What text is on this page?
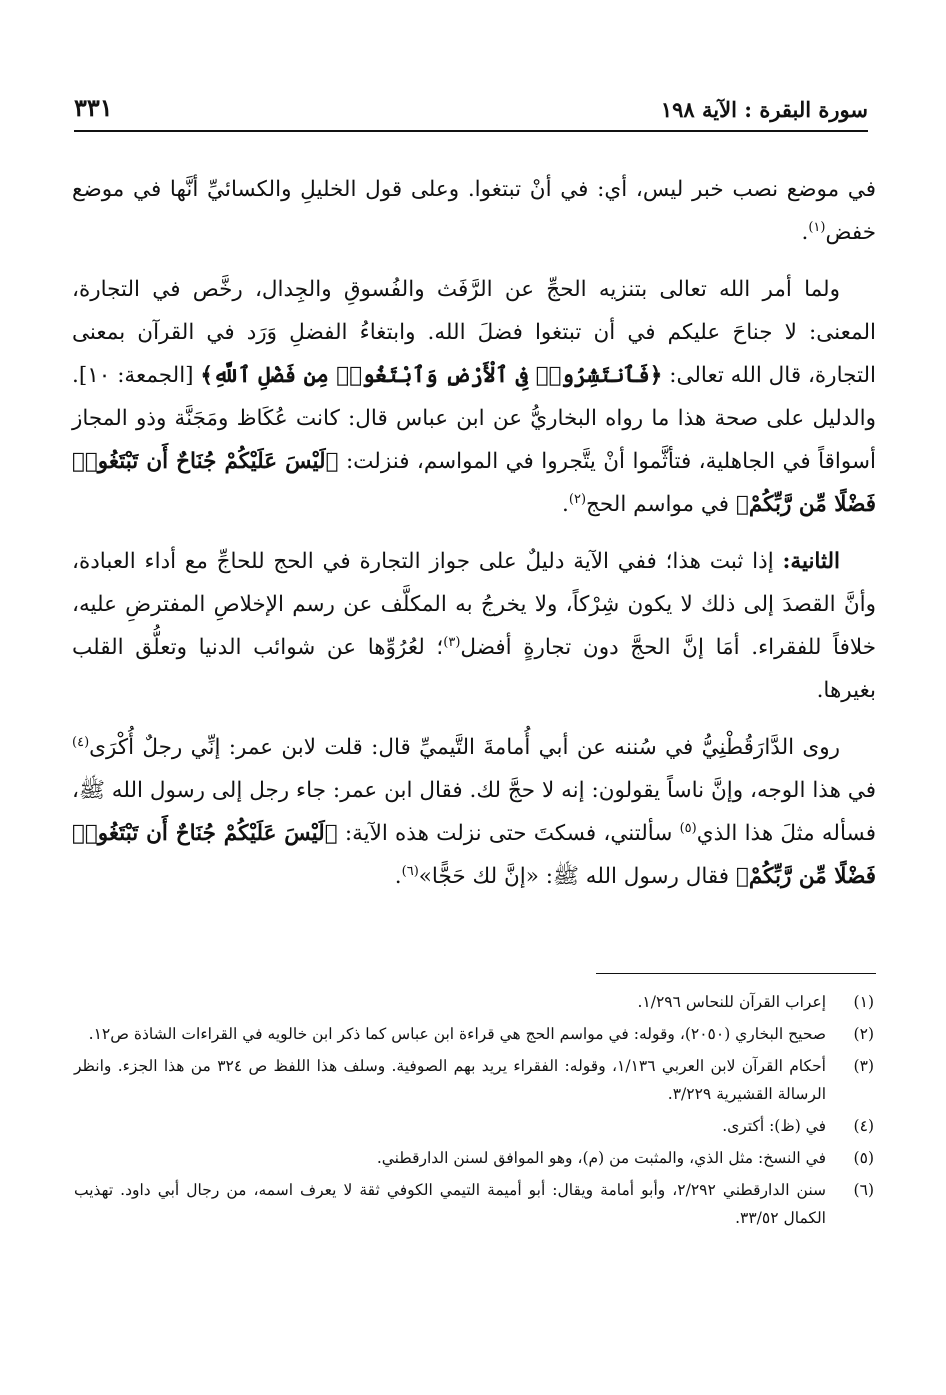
سورة البقرة : الآية ١٩٨
٣٣١

في موضع نصب خبر ليس، أي: في أنْ تبتغوا. وعلى قول الخليلِ والكسائيِّ أنَّها في موضع خفض$^{(١)}$.

ولما أمر الله تعالى بتنزيه الحجِّ عن الرَّفَث والفُسوقِ والجِدال، رخَّص في التجارة، المعنى: لا جناحَ عليكم في أن تبتغوا فضلَ الله. وابتغاءُ الفضلِ وَرَد في القرآن بمعنى التجارة، قال الله تعالى: ﴿فَٱنتَشِرُوا۟ فِى ٱلْأَرْضِ وَٱبْتَغُوا۟ مِن فَضْلِ ٱللَّهِ﴾ [الجمعة: ١٠]. والدليل على صحة هذا ما رواه البخاريُّ عن ابن عباس قال: كانت عُكَاظ ومَجَنَّة وذو المجاز أسواقاً في الجاهلية، فتأثَّموا أنْ يتَّجروا في المواسم، فنزلت: ﴿لَيْسَ عَلَيْكُمْ جُنَاحٌ أَن تَبْتَغُوا۟ فَضْلًا مِّن رَّبِّكُمْ﴾ في مواسم الحج$^{(٢)}$.

الثانية: إذا ثبت هذا؛ ففي الآية دليلٌ على جواز التجارة في الحج للحاجِّ مع أداء العبادة، وأنَّ القصدَ إلى ذلك لا يكون شِرْكاً، ولا يخرجُ به المكلَّف عن رسم الإخلاصِ المفترضِ عليه، خلافاً للفقراء. أمَا إنَّ الحجَّ دون تجارةٍ أفضل$^{(٣)}$؛ لعُرُوِّها عن شوائب الدنيا وتعلُّق القلب بغيرها.

روى الدَّارَقُطْنِيُّ في سُننه عن أبي أُمامةَ التَّيميِّ قال: قلت لابن عمر: إنِّي رجلٌ أُكْرَى$^{(٤)}$ في هذا الوجه، وإنَّ ناساً يقولون: إنه لا حجَّ لك. فقال ابن عمر: جاء رجل إلى رسول الله ﷺ، فسأله مثلَ هذا الذي$^{(٥)}$ سألتني، فسكتَ حتى نزلت هذه الآية: ﴿لَيْسَ عَلَيْكُمْ جُنَاحٌ أَن تَبْتَغُوا۟ فَضْلًا مِّن رَّبِّكُمْ﴾ فقال رسول الله ﷺ: «إنَّ لك حَجًّا»$^{(٦)}$.

(١)
إعراب القرآن للنحاس ١/٢٩٦.
(٢)
صحيح البخاري (٢٠٥٠)، وقوله: في مواسم الحج هي قراءة ابن عباس كما ذكر ابن خالويه في القراءات الشاذة ص١٢.
(٣)
أحكام القرآن لابن العربي ١/١٣٦، وقوله: الفقراء يريد بهم الصوفية. وسلف هذا اللفظ ص ٣٢٤ من هذا الجزء. وانظر الرسالة القشيرية ٣/٢٢٩.
(٤)
في (ظ): أكترى.
(٥)
في النسخ: مثل الذي، والمثبت من (م)، وهو الموافق لسنن الدارقطني.
(٦)
سنن الدارقطني ٢/٢٩٢، وأبو أمامة ويقال: أبو أميمة التيمي الكوفي ثقة لا يعرف اسمه، من رجال أبي داود. تهذيب الكمال ٣٣/٥٢.
